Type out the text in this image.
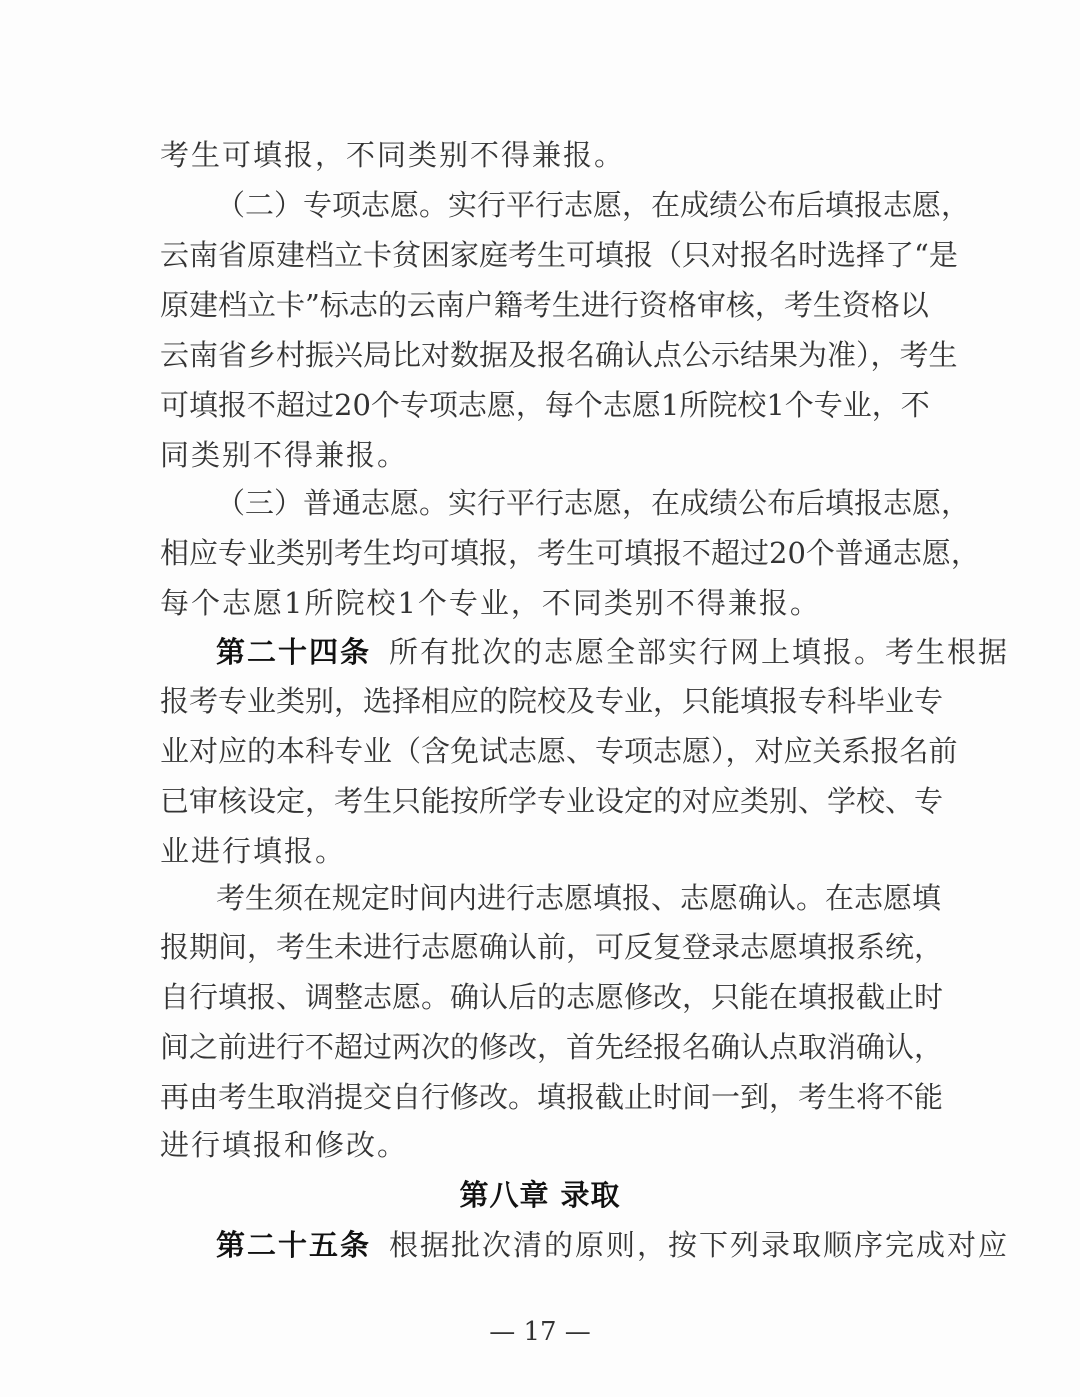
考生可填报，不同类别不得兼报。
（二）专项志愿。实行平行志愿，在成绩公布后填报志愿，
云南省原建档立卡贫困家庭考生可填报（只对报名时选择了“是
原建档立卡”标志的云南户籍考生进行资格审核，考生资格以
云南省乡村振兴局比对数据及报名确认点公示结果为准），考生
可填报不超过20个专项志愿，每个志愿1所院校1个专业，不
同类别不得兼报。
（三）普通志愿。实行平行志愿，在成绩公布后填报志愿，
相应专业类别考生均可填报，考生可填报不超过20个普通志愿，
每个志愿1所院校1个专业，不同类别不得兼报。
第二十四条 所有批次的志愿全部实行网上填报。考生根据
报考专业类别，选择相应的院校及专业，只能填报专科毕业专
业对应的本科专业（含免试志愿、专项志愿），对应关系报名前
已审核设定，考生只能按所学专业设定的对应类别、学校、专
业进行填报。
考生须在规定时间内进行志愿填报、志愿确认。在志愿填
报期间，考生未进行志愿确认前，可反复登录志愿填报系统，
自行填报、调整志愿。确认后的志愿修改，只能在填报截止时
间之前进行不超过两次的修改，首先经报名确认点取消确认，
再由考生取消提交自行修改。填报截止时间一到，考生将不能
进行填报和修改。
第八章 录取
第二十五条 根据批次清的原则，按下列录取顺序完成对应
— 17 —
